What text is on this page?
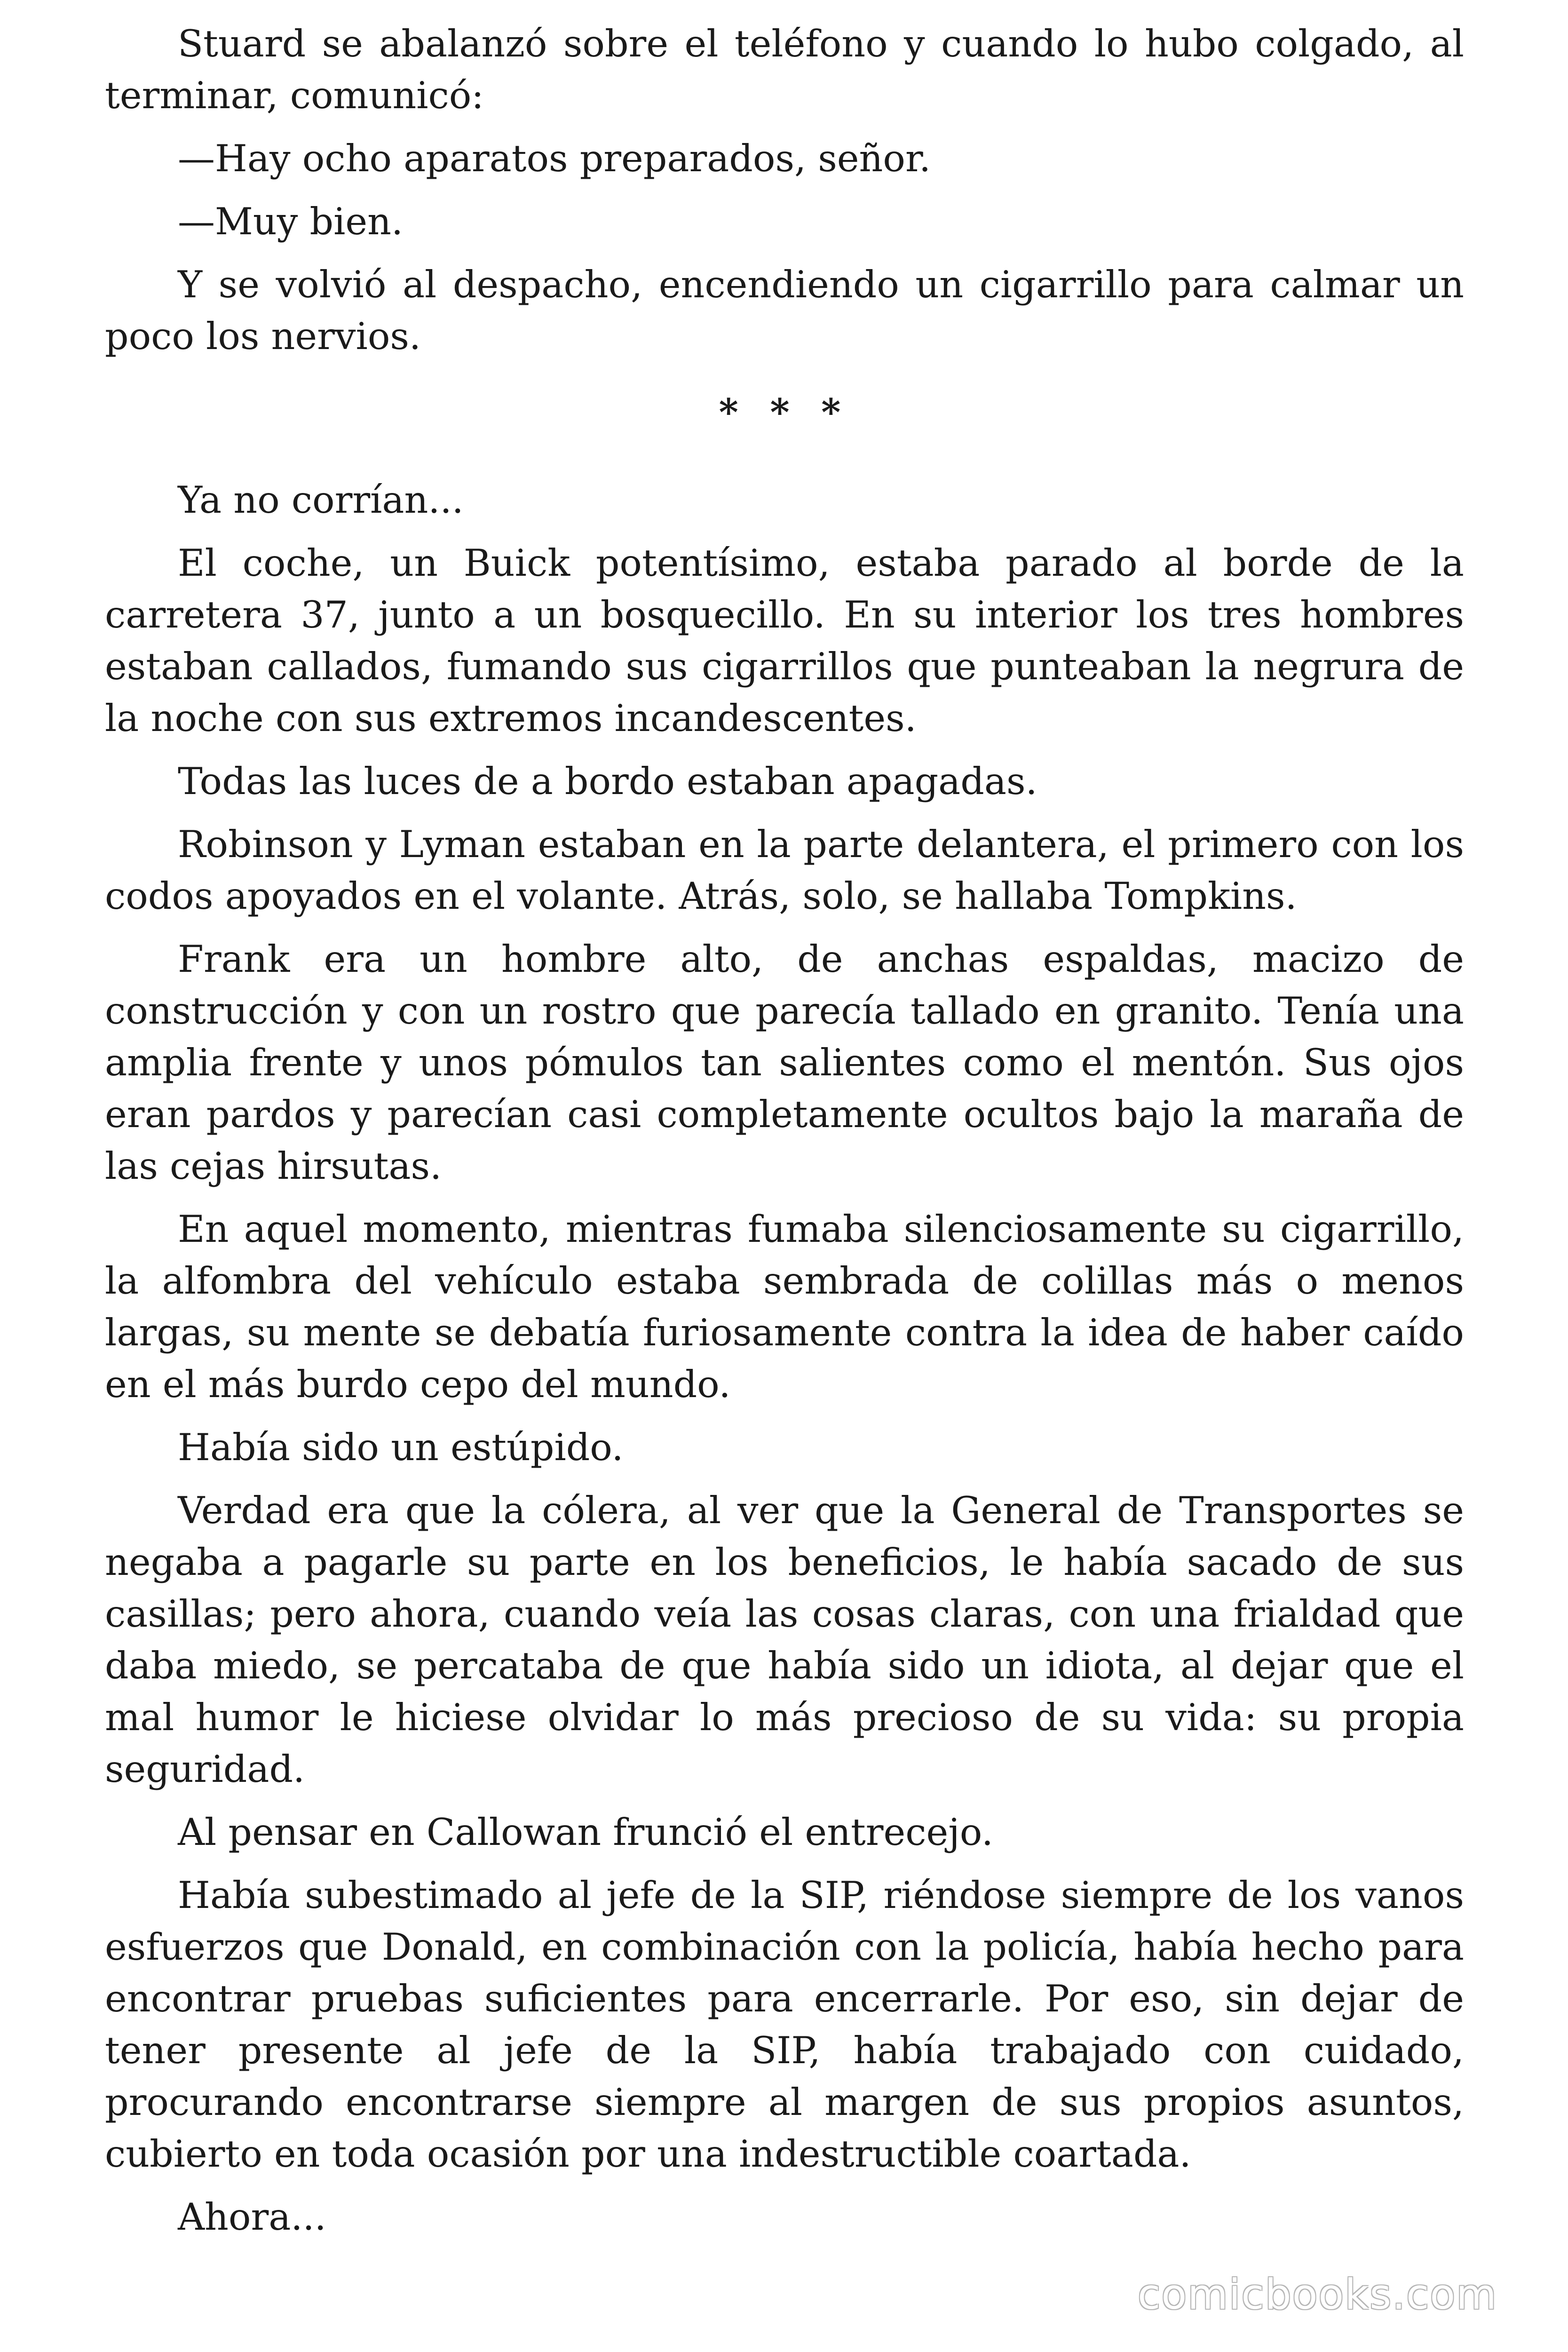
Stuard se abalanzó sobre el teléfono y cuando lo hubo colgado, al terminar, comunicó:

—Hay ocho aparatos preparados, señor.

—Muy bien.

Y se volvió al despacho, encendiendo un cigarrillo para calmar un poco los nervios.

* * *

Ya no corrían...

El coche, un Buick potentísimo, estaba parado al borde de la carretera 37, junto a un bosquecillo. En su interior los tres hombres estaban callados, fumando sus cigarrillos que punteaban la negrura de la noche con sus extremos incandescentes.

Todas las luces de a bordo estaban apagadas.

Robinson y Lyman estaban en la parte delantera, el primero con los codos apoyados en el volante. Atrás, solo, se hallaba Tompkins.

Frank era un hombre alto, de anchas espaldas, macizo de construcción y con un rostro que parecía tallado en granito. Tenía una amplia frente y unos pómulos tan salientes como el mentón. Sus ojos eran pardos y parecían casi completamente ocultos bajo la maraña de las cejas hirsutas.

En aquel momento, mientras fumaba silenciosamente su cigarrillo, la alfombra del vehículo estaba sembrada de colillas más o menos largas, su mente se debatía furiosamente contra la idea de haber caído en el más burdo cepo del mundo.

Había sido un estúpido.

Verdad era que la cólera, al ver que la General de Transportes se negaba a pagarle su parte en los beneficios, le había sacado de sus casillas; pero ahora, cuando veía las cosas claras, con una frialdad que daba miedo, se percataba de que había sido un idiota, al dejar que el mal humor le hiciese olvidar lo más precioso de su vida: su propia seguridad.

Al pensar en Callowan frunció el entrecejo.

Había subestimado al jefe de la SIP, riéndose siempre de los vanos esfuerzos que Donald, en combinación con la policía, había hecho para encontrar pruebas suficientes para encerrarle. Por eso, sin dejar de tener presente al jefe de la SIP, había trabajado con cuidado, procurando encontrarse siempre al margen de sus propios asuntos, cubierto en toda ocasión por una indestructible coartada.

Ahora...

comicbooks.com
